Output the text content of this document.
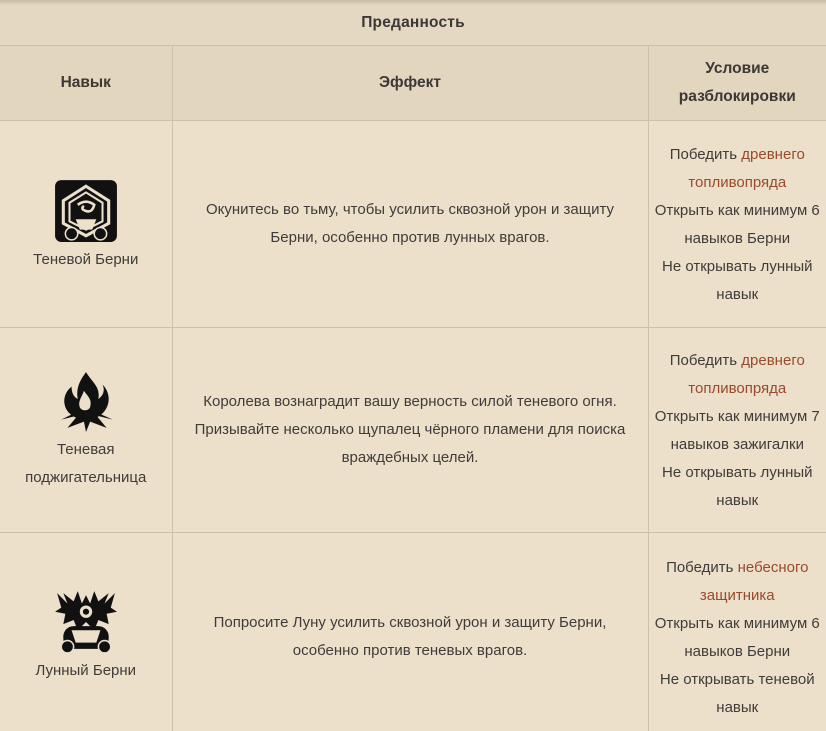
Преданность		
Навык	Эффект	Условие разблокировки

Теневой Берни	Окунитесь во тьму, чтобы усилить сквозной урон и защиту Берни, особенно против лунных врагов.	Победить древнего топливопряда
Открыть как минимум 6 навыков Берни
Не открывать лунный навык

Теневая поджигательница	Королева вознаградит вашу верность силой теневого огня.
Призывайте несколько щупалец чёрного пламени для поиска враждебных целей.	Победить древнего топливопряда
Открыть как минимум 7 навыков зажигалки
Не открывать лунный навык

Лунный Берни	Попросите Луну усилить сквозной урон и защиту Берни, особенно против теневых врагов.	Победить небесного защитника
Открыть как минимум 6 навыков Берни
Не открывать теневой навык
